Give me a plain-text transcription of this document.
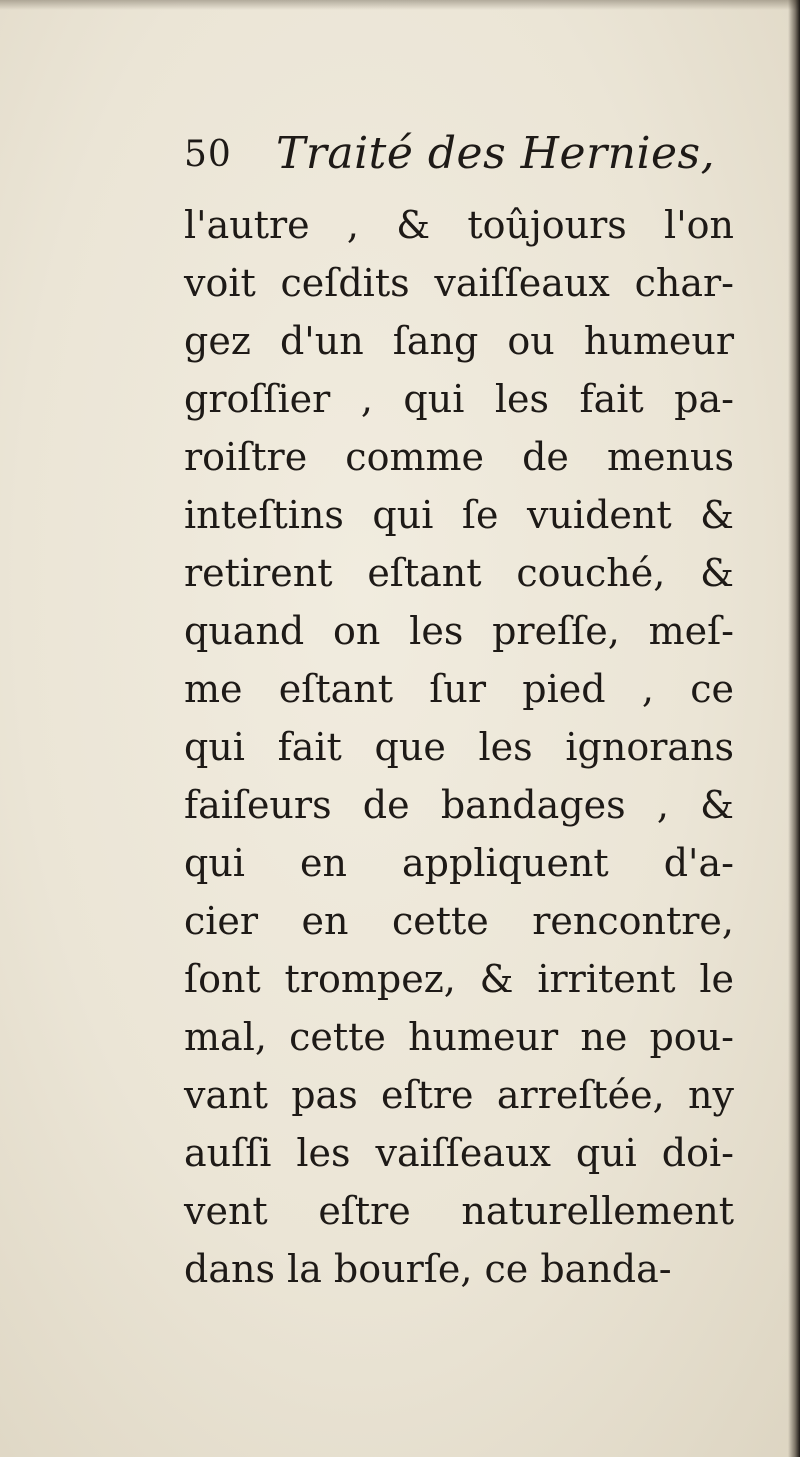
50 Traité des Hernies,
l'autre , & toûjours l'on
voit ceſdits vaiſſeaux char-
gez d'un ſang ou humeur
groſſier , qui les fait pa-
roiſtre comme de menus
inteſtins qui ſe vuident &
retirent eſtant couché, &
quand on les preſſe, meſ-
me eſtant ſur pied , ce
qui fait que les ignorans
faiſeurs de bandages , &
qui en appliquent d'a-
cier en cette rencontre,
ſont trompez, & irritent le
mal, cette humeur ne pou-
vant pas eſtre arreſtée, ny
auſſi les vaiſſeaux qui doi-
vent eſtre naturellement
dans la bourſe, ce banda-
